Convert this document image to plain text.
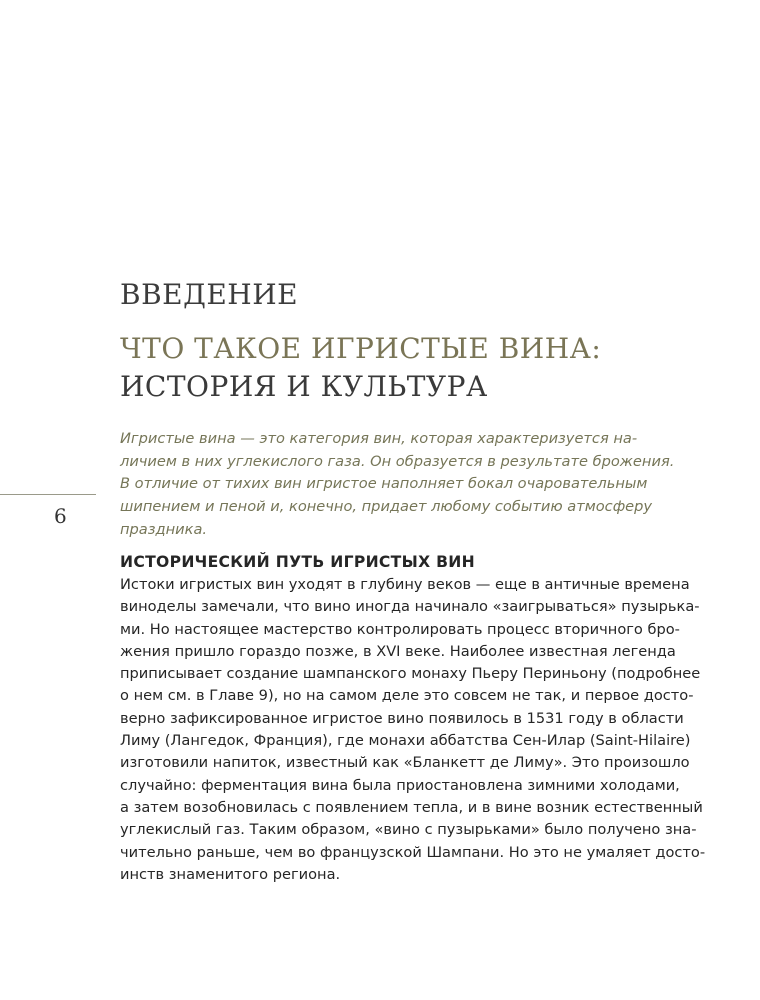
6
ВВЕДЕНИЕ
ЧТО ТАКОЕ ИГРИСТЫЕ ВИНА:
ИСТОРИЯ И КУЛЬТУРА

Игристые вина — это категория вин, которая характеризуется на-
личием в них углекислого газа. Он образуется в результате брожения.
В отличие от тихих вин игристое наполняет бокал очаровательным
шипением и пеной и, конечно, придает любому событию атмосферу
праздника.

ИСТОРИЧЕСКИЙ ПУТЬ ИГРИСТЫХ ВИН

Истоки игристых вин уходят в глубину веков — еще в античные времена
виноделы замечали, что вино иногда начинало «заигрываться» пузырька-
ми. Но настоящее мастерство контролировать процесс вторичного бро-
жения пришло гораздо позже, в XVI веке. Наиболее известная легенда
приписывает создание шампанского монаху Пьеру Периньону (подробнее
о нем см. в Главе 9), но на самом деле это совсем не так, и первое досто-
верно зафиксированное игристое вино появилось в 1531 году в области
Лиму (Лангедок, Франция), где монахи аббатства Сен-Илар (Saint-Hilaire)
изготовили напиток, известный как «Бланкетт де Лиму». Это произошло
случайно: ферментация вина была приостановлена зимними холодами,
а затем возобновилась с появлением тепла, и в вине возник естественный
углекислый газ. Таким образом, «вино с пузырьками» было получено зна-
чительно раньше, чем во французской Шампани. Но это не умаляет досто-
инств знаменитого региона.
